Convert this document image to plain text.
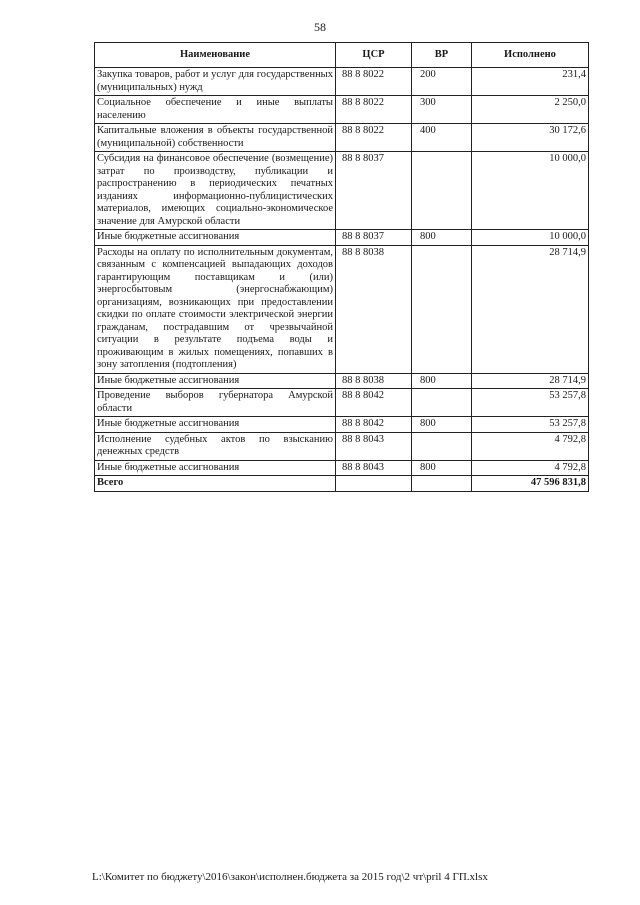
58
Наименование	ЦСР	ВР	Исполнено
Закупка товаров, работ и услуг для государственных (муниципальных) нужд	88 8 8022	200	231,4
Социальное обеспечение и иные выплаты населению	88 8 8022	300	2 250,0
Капитальные вложения в объекты государственной (муниципальной) собственности	88 8 8022	400	30 172,6
Субсидия на финансовое обеспечение (возмещение) затрат по производству, публикации и распространению в периодических печатных изданиях информационно-публицистических материалов, имеющих социально-экономическое значение для Амурской области	88 8 8037		10 000,0
Иные бюджетные ассигнования	88 8 8037	800	10 000,0
Расходы на оплату по исполнительным документам, связанным с компенсацией выпадающих доходов гарантирующим поставщикам и (или) энергосбытовым (энергоснабжающим) организациям, возникающих при предоставлении скидки по оплате стоимости электрической энергии гражданам, пострадавшим от чрезвычайной ситуации в результате подъема воды и проживающим в жилых помещениях, попавших в зону затопления (подтопления)	88 8 8038		28 714,9
Иные бюджетные ассигнования	88 8 8038	800	28 714,9
Проведение выборов губернатора Амурской области	88 8 8042		53 257,8
Иные бюджетные ассигнования	88 8 8042	800	53 257,8
Исполнение судебных актов по взысканию денежных средств	88 8 8043		4 792,8
Иные бюджетные ассигнования	88 8 8043	800	4 792,8
Всего			47 596 831,8
L:\Комитет по бюджету\2016\закон\исполнен.бюджета за 2015 год\2 чт\pril 4 ГП.xlsx
